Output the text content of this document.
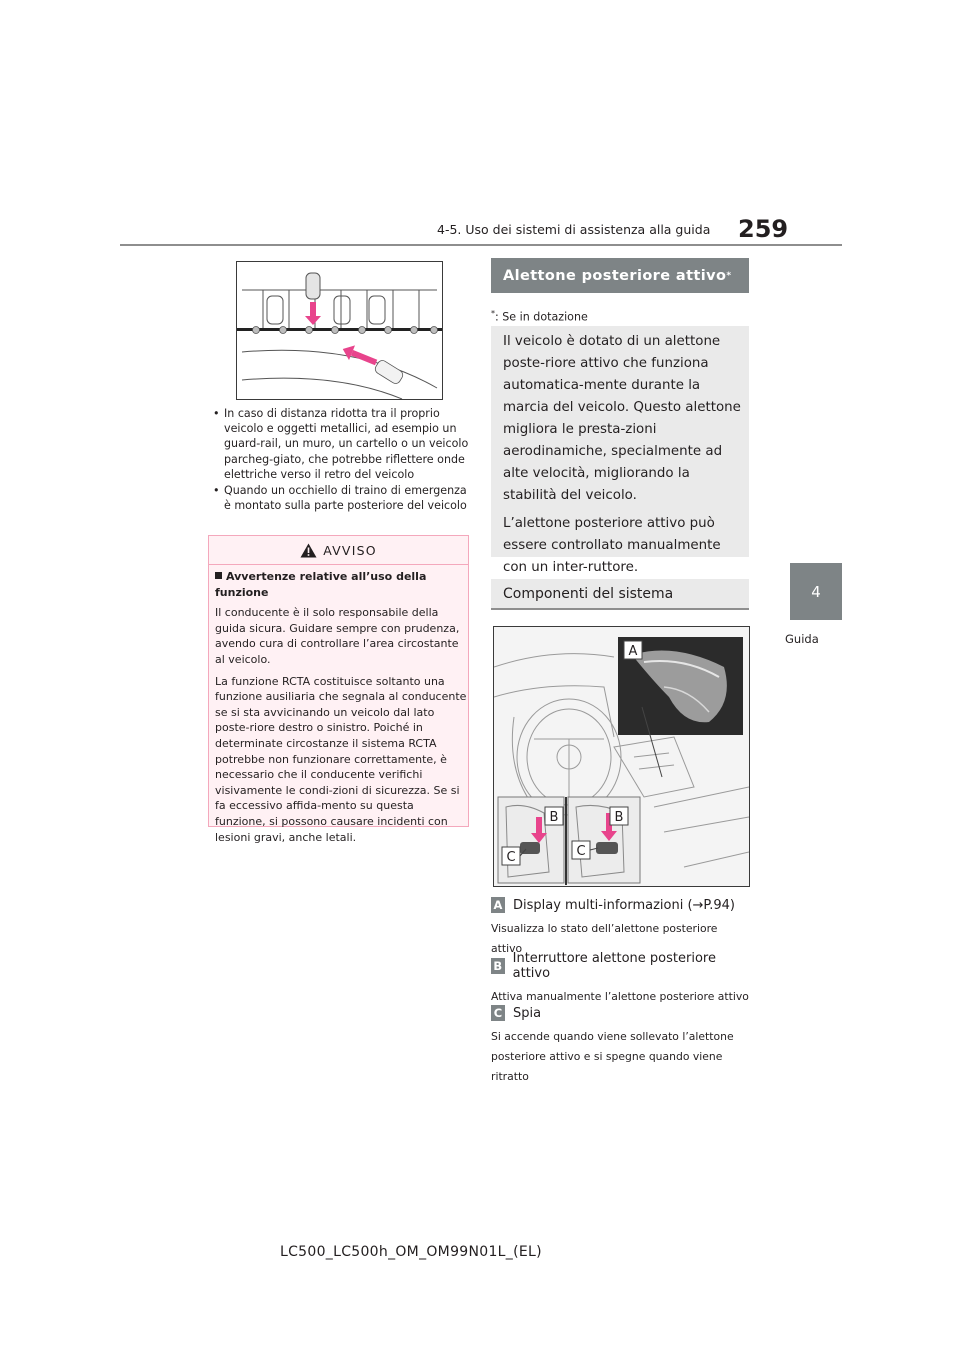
259
4-5. Uso dei sistemi di assistenza alla guida
4
Guida
• In caso di distanza ridotta tra il proprio veicolo e oggetti metallici, ad esempio un guard-rail, un muro, un cartello o un veicolo parcheg-giato, che potrebbe riflettere onde elettriche verso il retro del veicolo
• Quando un occhiello di traino di emergenza è montato sulla parte posteriore del veicolo
AVVISO
Avvertenze relative all’uso della funzione

Il conducente è il solo responsabile della guida sicura. Guidare sempre con prudenza, avendo cura di controllare l’area circostante al veicolo.

La funzione RCTA costituisce soltanto una funzione ausiliaria che segnala al conducente se si sta avvicinando un veicolo dal lato poste-riore destro o sinistro. Poiché in determinate circostanze il sistema RCTA potrebbe non funzionare correttamente, è necessario che il conducente verifichi visivamente le condi-zioni di sicurezza. Se si fa eccessivo affida-mento su questa funzione, si possono causare incidenti con lesioni gravi, anche letali.

Alettone posteriore attivo *
*: Se in dotazione

Il veicolo è dotato di un alettone poste-riore attivo che funziona automatica-mente durante la marcia del veicolo. Questo alettone migliora le presta-zioni aerodinamiche, specialmente ad alte velocità, migliorando la stabilità del veicolo.

L’alettone posteriore attivo può essere controllato manualmente con un inter-ruttore.

Componenti del sistema
A
B	B
C	C
A Display multi-informazioni (→P.94)
Visualizza lo stato dell’alettone posteriore attivo
B Interruttore alettone posteriore attivo
Attiva manualmente l’alettone posteriore attivo
C Spia
Si accende quando viene sollevato l’alettone posteriore attivo e si spegne quando viene ritratto
LC500_LC500h_OM_OM99N01L_(EL)
